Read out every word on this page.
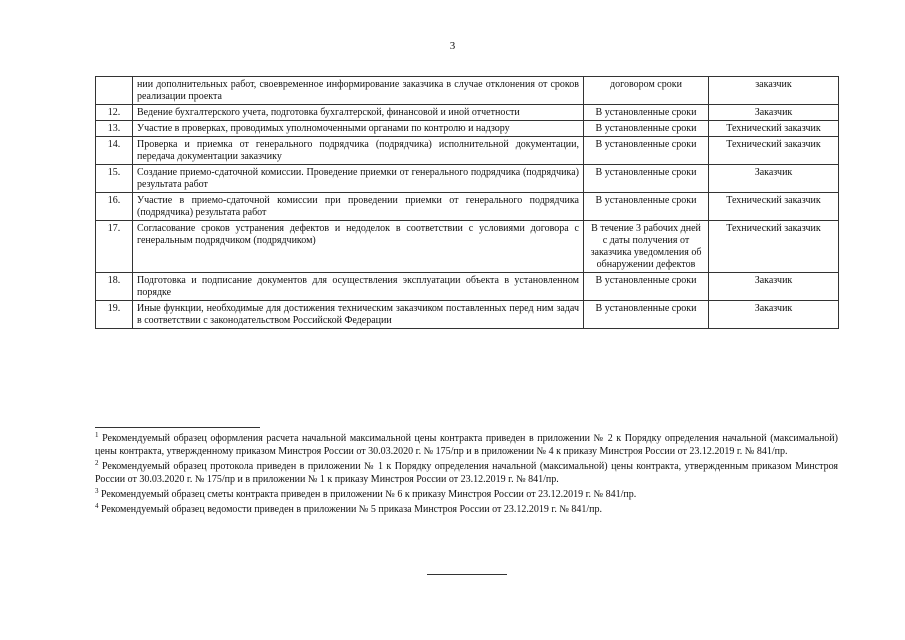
3
	нии дополнительных работ, своевременное информирование заказчика в случае отклонения от сроков реализации проекта	договором сроки	заказчик
12.	Ведение бухгалтерского учета, подготовка бухгалтерской, финансовой и иной отчетности	В установленные сроки	Заказчик
13.	Участие в проверках, проводимых уполномоченными органами по контролю и надзору	В установленные сроки	Технический заказчик
14.	Проверка и приемка от генерального подрядчика (подрядчика) исполнительной документации, передача документации заказчику	В установленные сроки	Технический заказчик
15.	Создание приемо-сдаточной комиссии. Проведение приемки от генерального подрядчика (подрядчика) результата работ	В установленные сроки	Заказчик
16.	Участие в приемо-сдаточной комиссии при проведении приемки от генерального подрядчика (подрядчика) результата работ	В установленные сроки	Технический заказчик
17.	Согласование сроков устранения дефектов и недоделок в соответствии с условиями договора с генеральным подрядчиком (подрядчиком)	В течение 3 рабочих дней с даты получения от заказчика уведомления об обнаружении дефектов	Технический заказчик
18.	Подготовка и подписание документов для осуществления эксплуатации объекта в установленном порядке	В установленные сроки	Заказчик
19.	Иные функции, необходимые для достижения техническим заказчиком поставленных перед ним задач в соответствии с законодательством Российской Федерации	В установленные сроки	Заказчик

$^1$ Рекомендуемый образец оформления расчета начальной максимальной цены контракта приведен в приложении № 2 к Порядку определения начальной (максимальной) цены контракта, утвержденному приказом Минстроя России от 30.03.2020 г. № 175/пр и в приложении № 4 к приказу Минстроя России от 23.12.2019 г. № 841/пр.

$^2$ Рекомендуемый образец протокола приведен в приложении № 1 к Порядку определения начальной (максимальной) цены контракта, утвержденным приказом Минстроя России от 30.03.2020 г. № 175/пр и в приложении № 1 к приказу Минстроя России от 23.12.2019 г. № 841/пр.

$^3$ Рекомендуемый образец сметы контракта приведен в приложении № 6 к приказу Минстроя России от 23.12.2019 г. № 841/пр.

$^4$ Рекомендуемый образец ведомости приведен в приложении № 5 приказа Минстроя России от 23.12.2019 г. № 841/пр.
